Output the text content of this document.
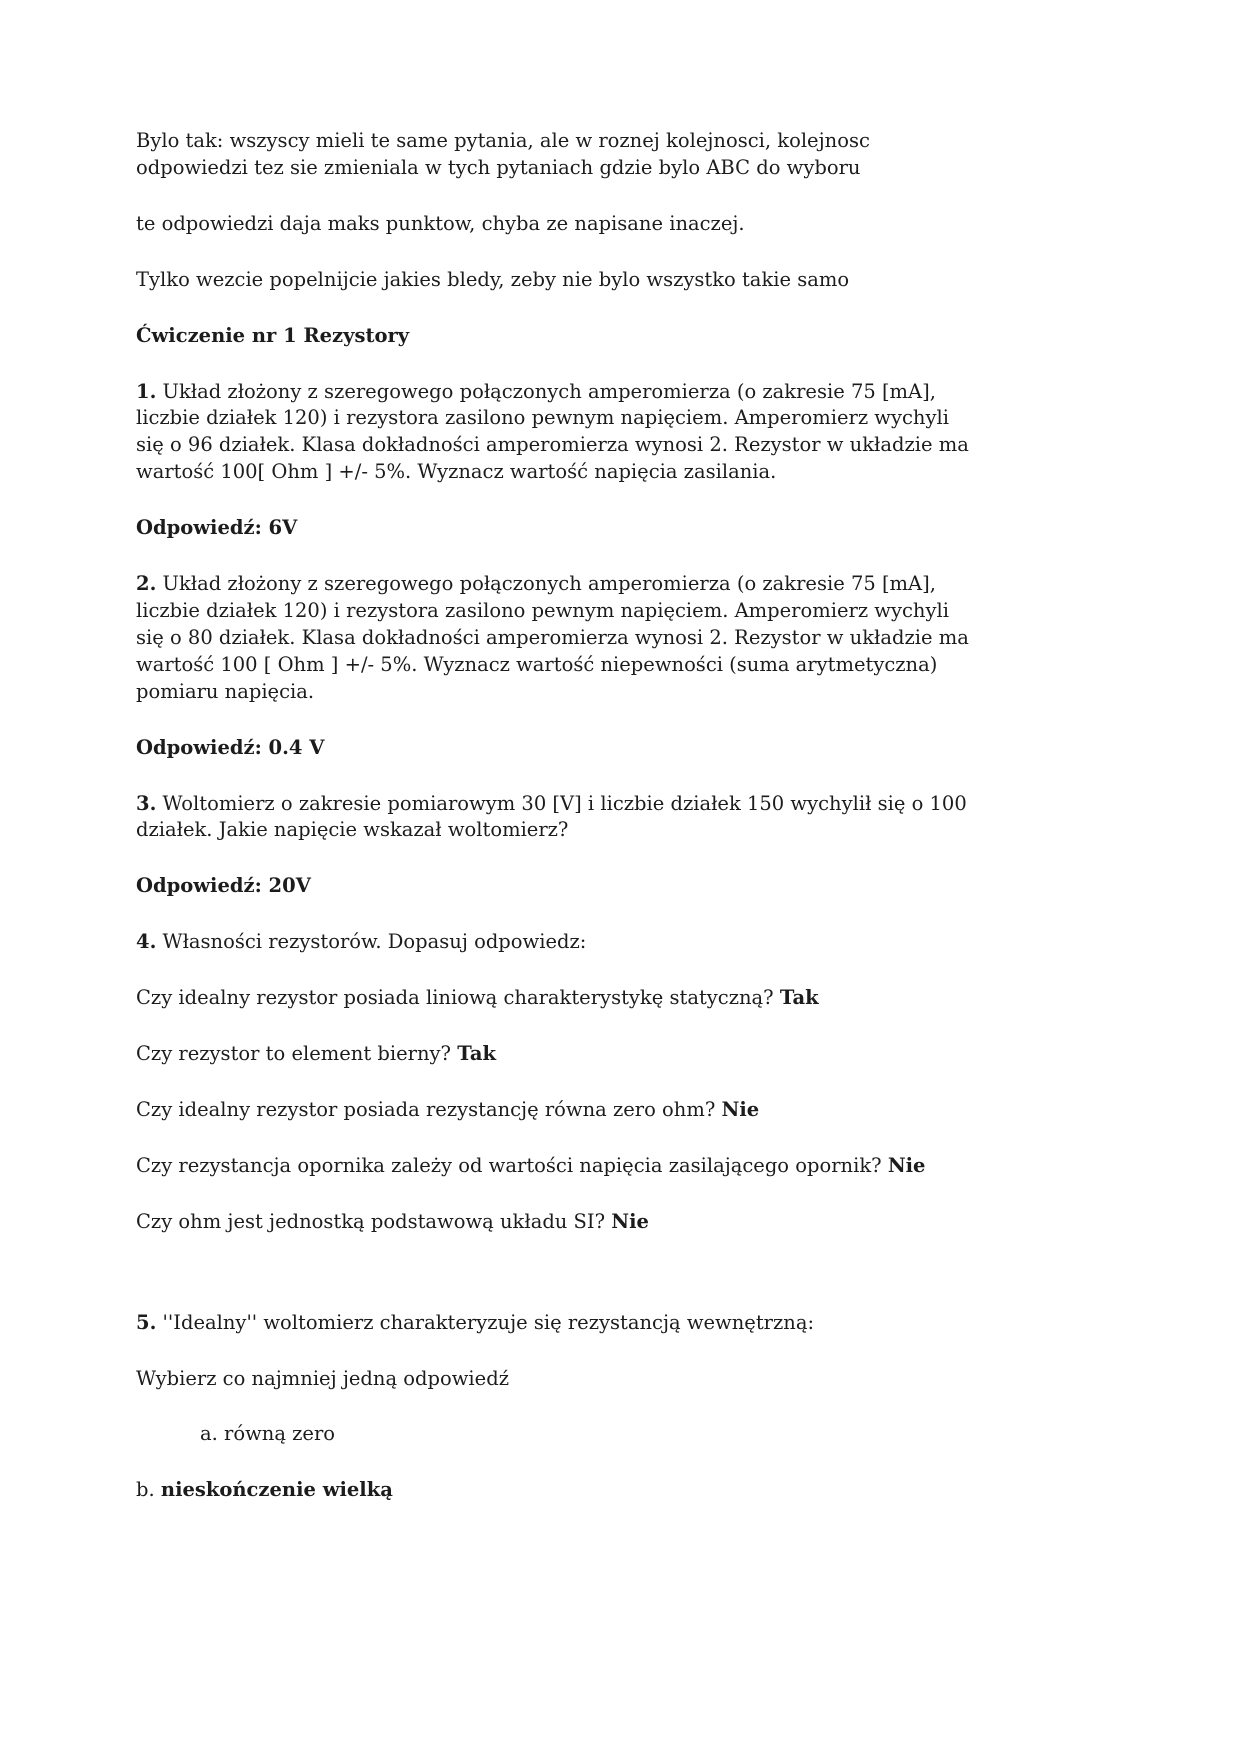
Bylo tak: wszyscy mieli te same pytania, ale w roznej kolejnosci, kolejnosc odpowiedzi tez sie zmieniala w tych pytaniach gdzie bylo ABC do wyboru

te odpowiedzi daja maks punktow, chyba ze napisane inaczej.

Tylko wezcie popelnijcie jakies bledy, zeby nie bylo wszystko takie samo

Ćwiczenie nr 1 Rezystory

1. Układ złożony z szeregowego połączonych amperomierza (o zakresie 75 [mA], liczbie działek 120) i rezystora zasilono pewnym napięciem. Amperomierz wychyli się o 96 działek. Klasa dokładności amperomierza wynosi 2. Rezystor w układzie ma wartość 100[ Ohm ] +/- 5%. Wyznacz wartość napięcia zasilania.

Odpowiedź: 6V

2. Układ złożony z szeregowego połączonych amperomierza (o zakresie 75 [mA], liczbie działek 120) i rezystora zasilono pewnym napięciem. Amperomierz wychyli się o 80 działek. Klasa dokładności amperomierza wynosi 2. Rezystor w układzie ma wartość 100 [ Ohm ] +/- 5%. Wyznacz wartość niepewności (suma arytmetyczna) pomiaru napięcia.

Odpowiedź: 0.4 V

3. Woltomierz o zakresie pomiarowym 30 [V] i liczbie działek 150 wychylił się o 100 działek. Jakie napięcie wskazał woltomierz?

Odpowiedź: 20V

4. Własności rezystorów. Dopasuj odpowiedz:

Czy idealny rezystor posiada liniową charakterystykę statyczną? Tak

Czy rezystor to element bierny? Tak

Czy idealny rezystor posiada rezystancję równa zero ohm? Nie

Czy rezystancja opornika zależy od wartości napięcia zasilającego opornik? Nie

Czy ohm jest jednostką podstawową układu SI? Nie

5. ''Idealny'' woltomierz charakteryzuje się rezystancją wewnętrzną:

Wybierz co najmniej jedną odpowiedź

a. równą zero

b. nieskończenie wielką
